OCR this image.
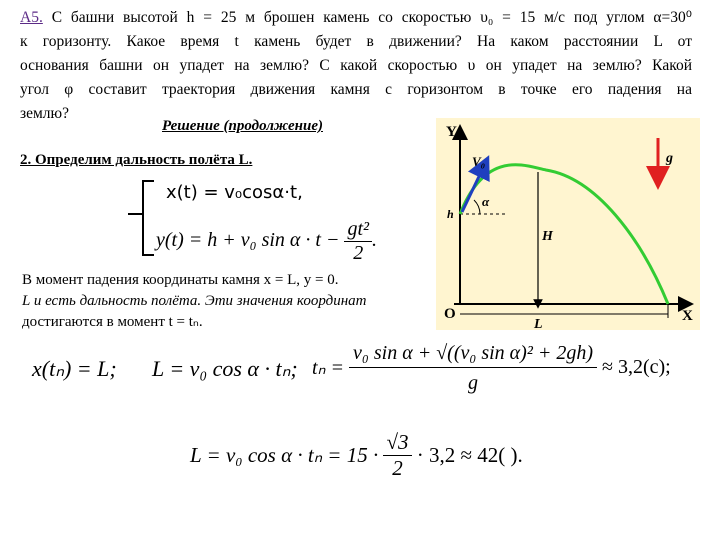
А5. С башни высотой h = 25 м брошен камень со скоростью υ₀ = 15 м/с под углом α=30⁰
к горизонту. Какое время t камень будет в движении? На каком расстоянии L от
основания башни он упадет на землю? С какой скоростью υ он упадет на землю? Какой
угол φ составит траектория движения камня с горизонтом в точке его падения на
землю?
Решение (продолжение)
2. Определим дальность полёта L.
x(t) = v₀cosα·t,
y(t) = h + v₀ $\sin \alpha \cdot t - \frac{\text{gt²}}{2}$ .
В момент падения координаты камня x = L, y = 0.
L и есть дальность полёта. Эти значения координат
достигаются в момент t = tₙ.
x(tₙ) = L; L = v₀ cos α · tₙ; $t_n = \frac{\text{v₀ sin α + √((v₀ sin α)² + 2gh)}}{g} \approx 3,2(c)$;
L = v₀ $\cos \alpha \cdot t_n = 15 \cdot \frac{√3}{2} \cdot 3,2 \approx 42$( ).
Y
X
O
V₀
h
α
H
L
g
